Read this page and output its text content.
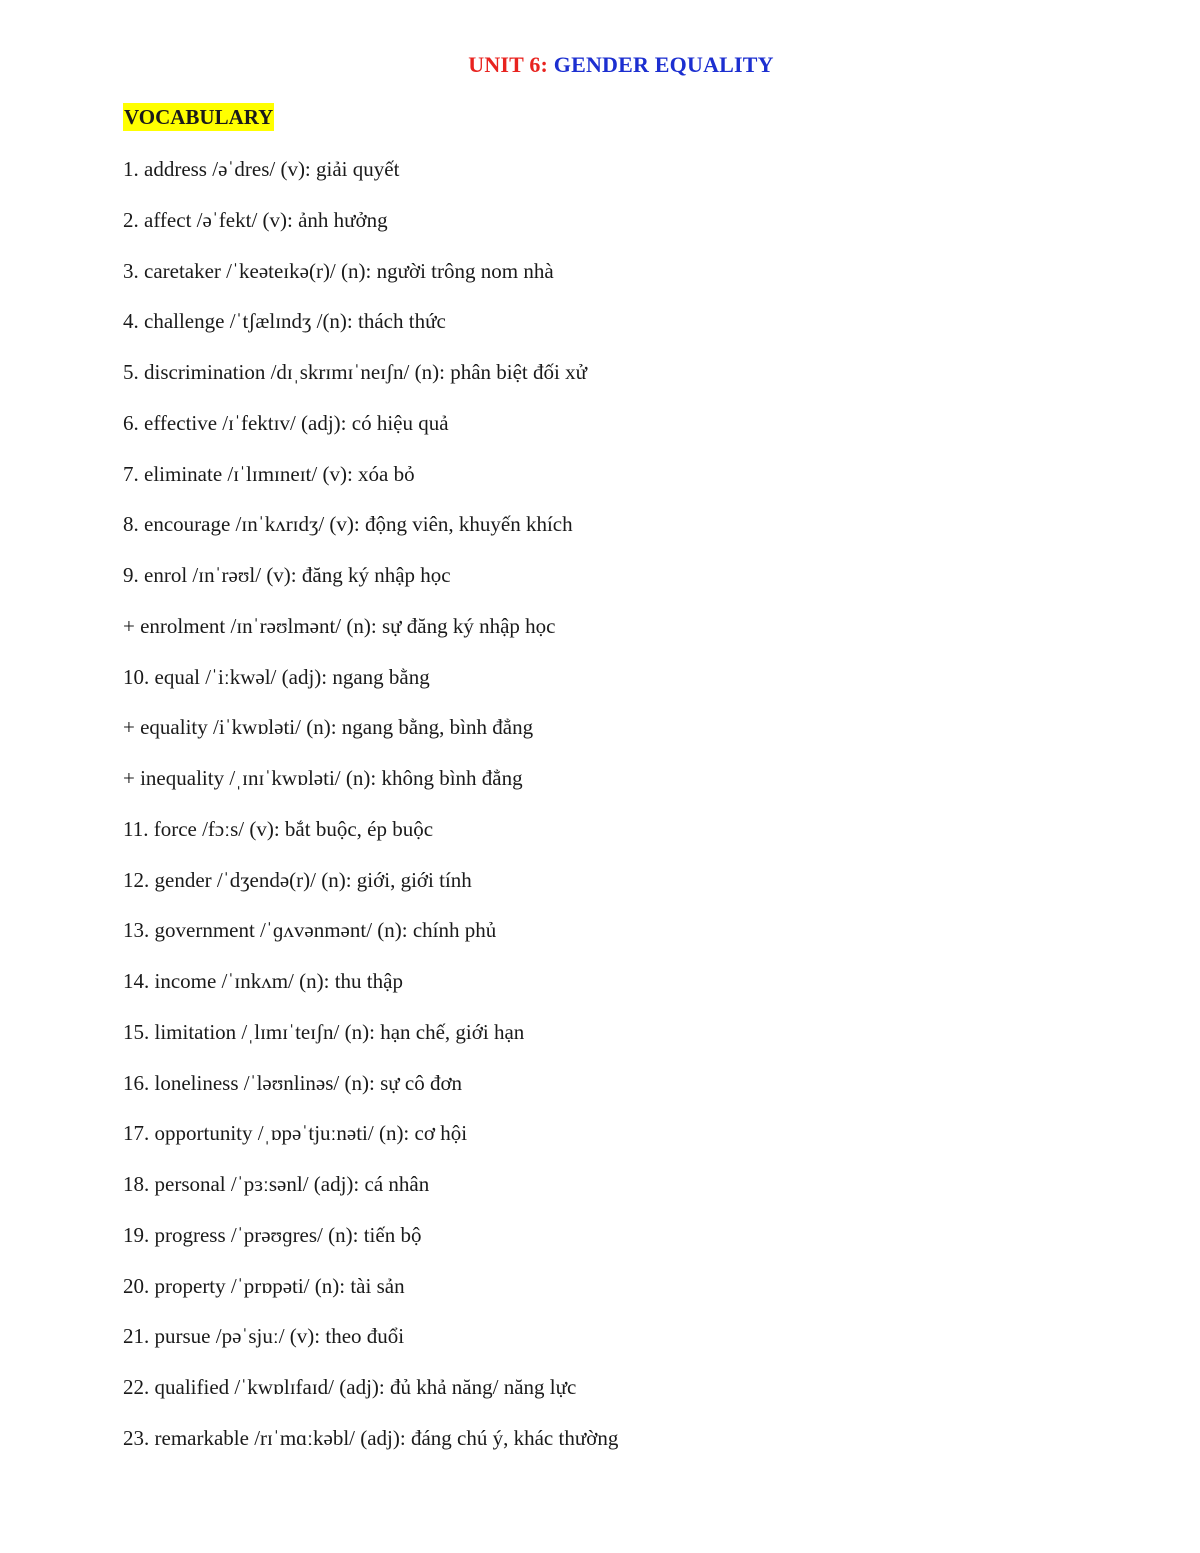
UNIT 6: GENDER EQUALITY
VOCABULARY
1. address /əˈdres/ (v): giải quyết
2. affect /əˈfekt/ (v): ảnh hưởng
3. caretaker /ˈkeəteɪkə(r)/ (n): người trông nom nhà
4. challenge /ˈtʃælɪndʒ /(n): thách thức
5. discrimination /dɪˌskrɪmɪˈneɪʃn/ (n): phân biệt đối xử
6. effective /ɪˈfektɪv/ (adj): có hiệu quả
7. eliminate /ɪˈlɪmɪneɪt/ (v): xóa bỏ
8. encourage /ɪnˈkʌrɪdʒ/ (v): động viên, khuyến khích
9. enrol /ɪnˈrəʊl/ (v): đăng ký nhập học
+ enrolment /ɪnˈrəʊlmənt/ (n): sự đăng ký nhập học
10. equal /ˈiːkwəl/ (adj): ngang bằng
+ equality /iˈkwɒləti/ (n): ngang bằng, bình đẳng
+ inequality /ˌɪnɪˈkwɒləti/ (n): không bình đẳng
11. force /fɔːs/ (v): bắt buộc, ép buộc
12. gender /ˈdʒendə(r)/ (n): giới, giới tính
13. government /ˈɡʌvənmənt/ (n): chính phủ
14. income /ˈɪnkʌm/ (n): thu thập
15. limitation /ˌlɪmɪˈteɪʃn/ (n): hạn chế, giới hạn
16. loneliness /ˈləʊnlinəs/ (n): sự cô đơn
17. opportunity /ˌɒpəˈtjuːnəti/ (n): cơ hội
18. personal /ˈpɜːsənl/ (adj): cá nhân
19. progress /ˈprəʊɡres/ (n): tiến bộ
20. property /ˈprɒpəti/ (n): tài sản
21. pursue /pəˈsjuː/ (v): theo đuổi
22. qualified /ˈkwɒlɪfaɪd/ (adj): đủ khả năng/ năng lực
23. remarkable /rɪˈmɑːkəbl/ (adj): đáng chú ý, khác thường
